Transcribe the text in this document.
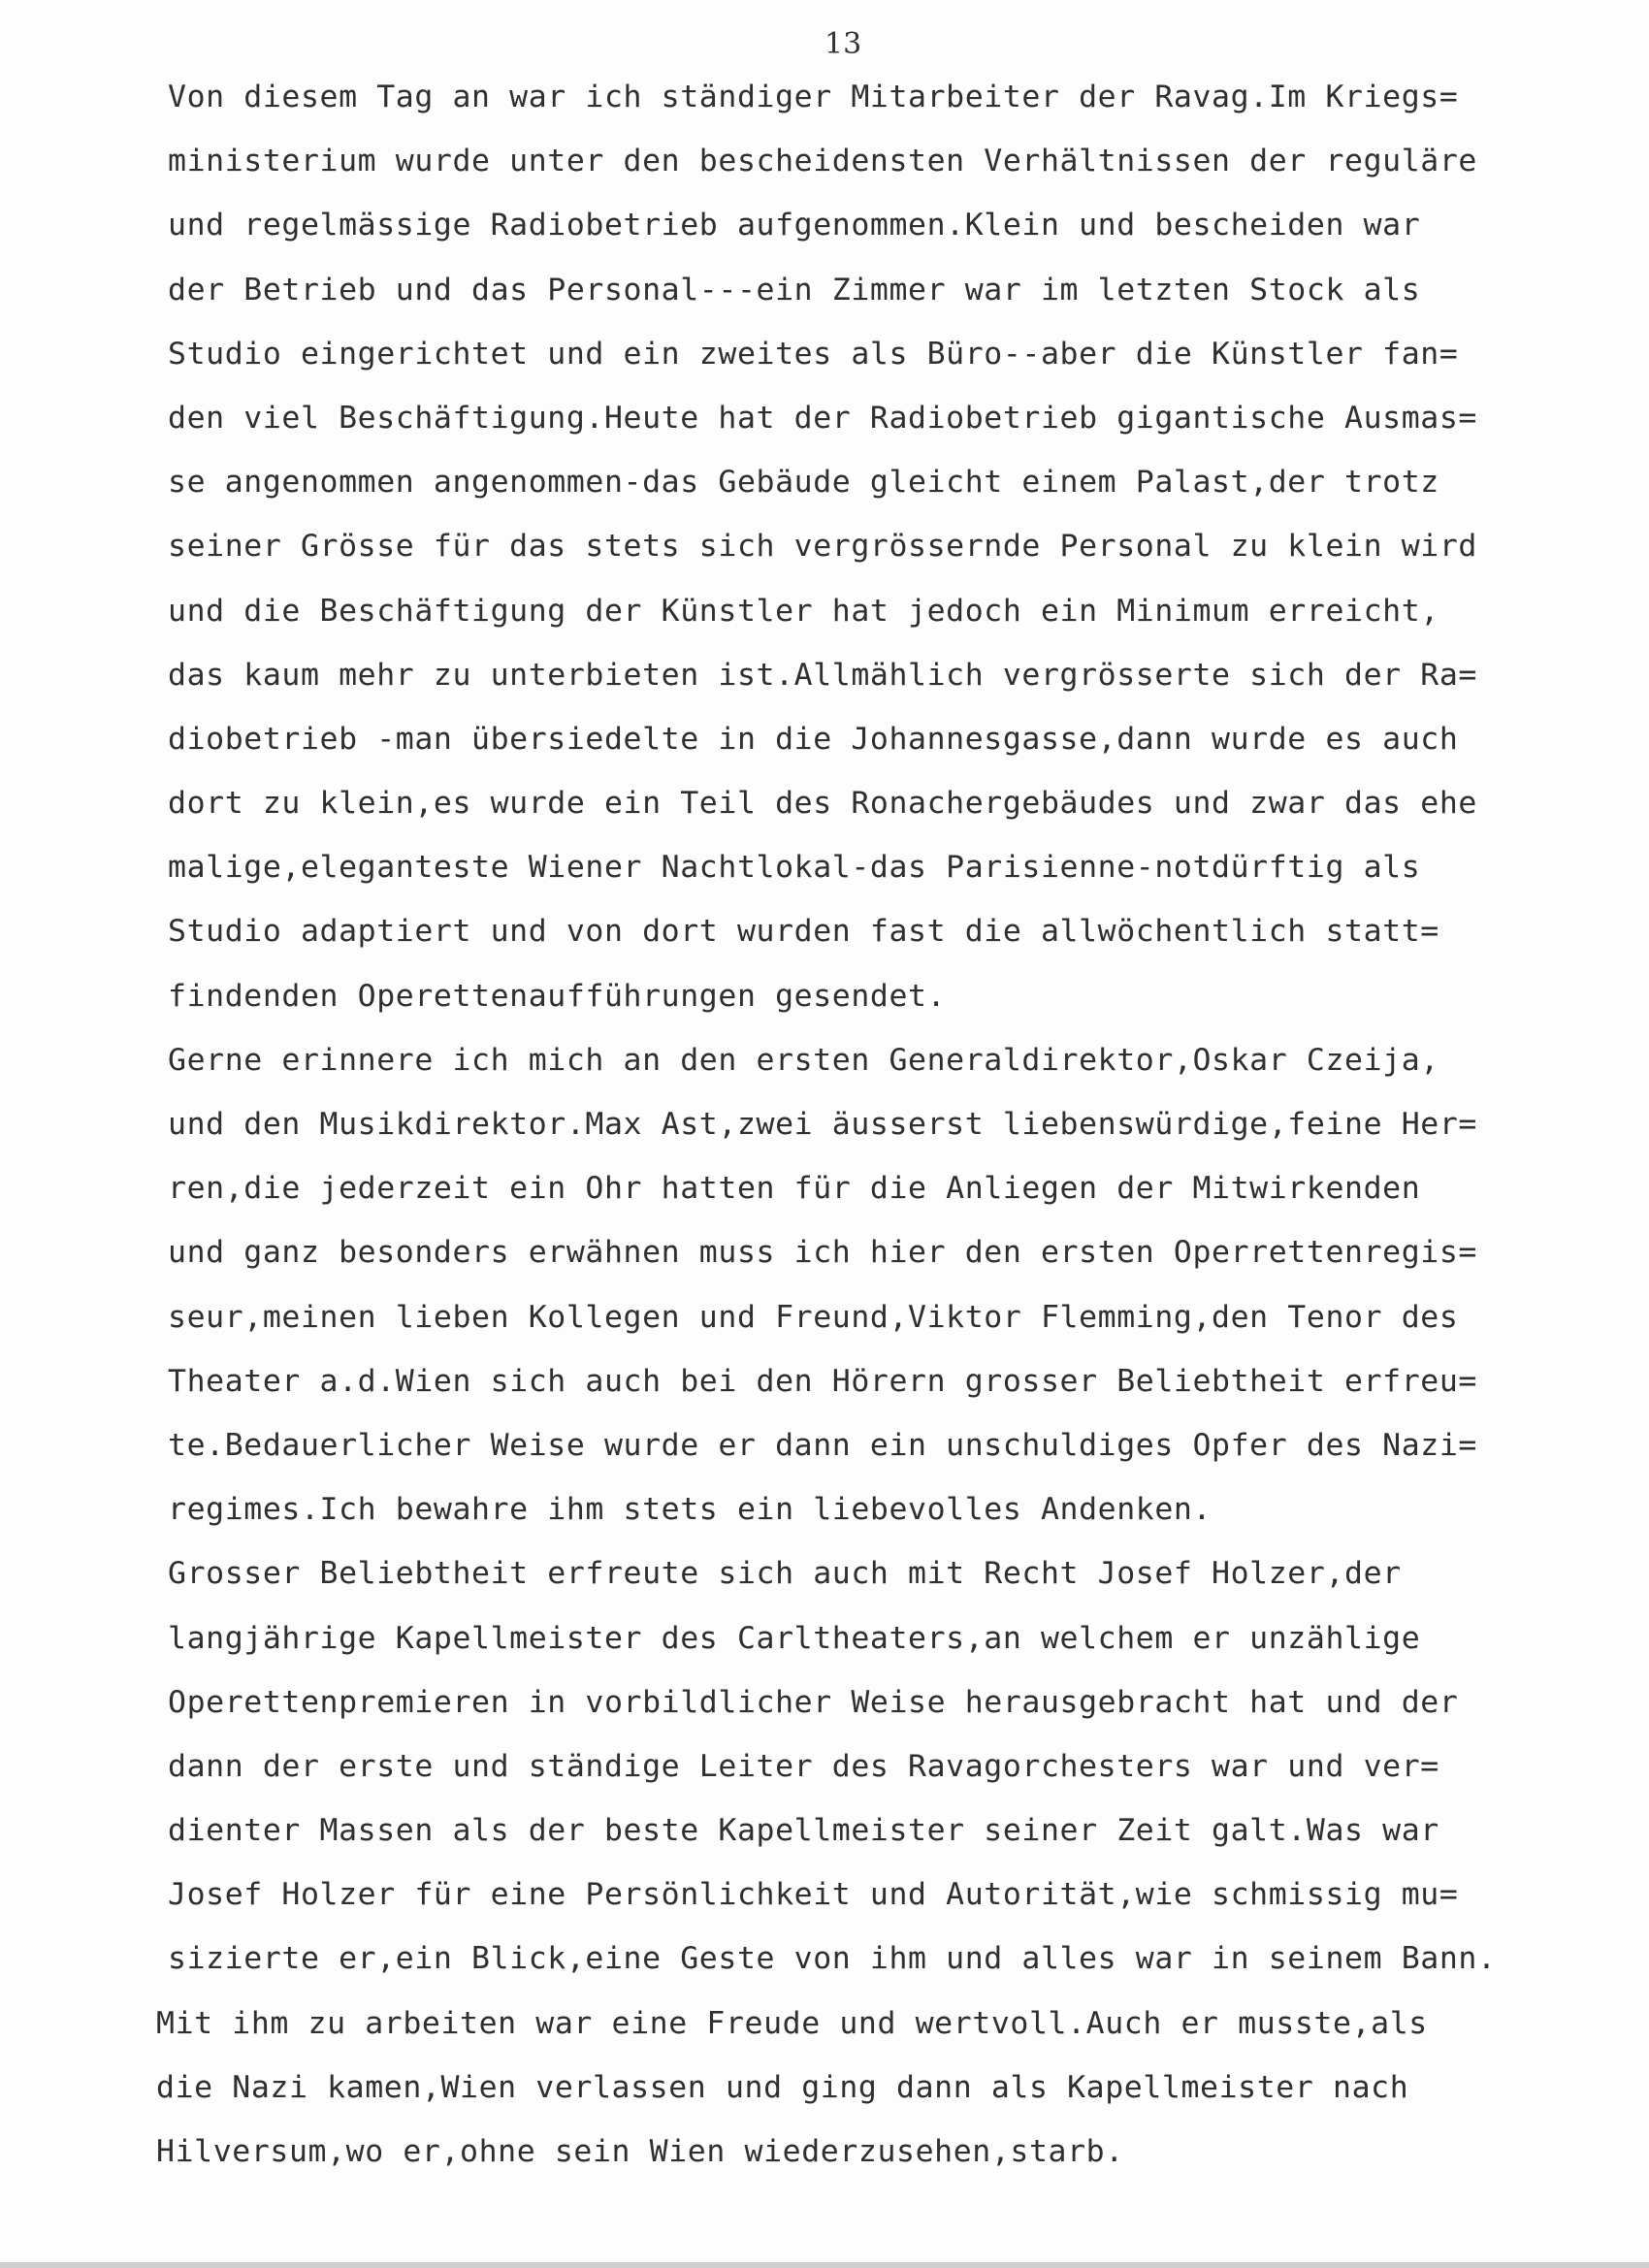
13
Von diesem Tag an war ich ständiger Mitarbeiter der Ravag.Im Kriegs=
ministerium wurde unter den bescheidensten Verhältnissen der reguläre
und regelmässige Radiobetrieb aufgenommen.Klein und bescheiden war
der Betrieb und das Personal---ein Zimmer war im letzten Stock als
Studio eingerichtet und ein zweites als Büro--aber die Künstler fan=
den viel Beschäftigung.Heute hat der Radiobetrieb gigantische Ausmas=
se angenommen angenommen-das Gebäude gleicht einem Palast,der trotz
seiner Grösse für das stets sich vergrössernde Personal zu klein wird
und die Beschäftigung der Künstler hat jedoch ein Minimum erreicht,
das kaum mehr zu unterbieten ist.Allmählich vergrösserte sich der Ra=
diobetrieb -man übersiedelte in die Johannesgasse,dann wurde es auch
dort zu klein,es wurde ein Teil des Ronachergebäudes und zwar das ehe
malige,eleganteste Wiener Nachtlokal-das Parisienne-notdürftig als
Studio adaptiert und von dort wurden fast die allwöchentlich statt=
findenden Operettenaufführungen gesendet.
Gerne erinnere ich mich an den ersten Generaldirektor,Oskar Czeija,
und den Musikdirektor.Max Ast,zwei äusserst liebenswürdige,feine Her=
ren,die jederzeit ein Ohr hatten für die Anliegen der Mitwirkenden
und ganz besonders erwähnen muss ich hier den ersten Operrettenregis=
seur,meinen lieben Kollegen und Freund,Viktor Flemming,den Tenor des
Theater a.d.Wien sich auch bei den Hörern grosser Beliebtheit erfreu=
te.Bedauerlicher Weise wurde er dann ein unschuldiges Opfer des Nazi=
regimes.Ich bewahre ihm stets ein liebevolles Andenken.
Grosser Beliebtheit erfreute sich auch mit Recht Josef Holzer,der
langjährige Kapellmeister des Carltheaters,an welchem er unzählige
Operettenpremieren in vorbildlicher Weise herausgebracht hat und der
dann der erste und ständige Leiter des Ravagorchesters war und ver=
dienter Massen als der beste Kapellmeister seiner Zeit galt.Was war
Josef Holzer für eine Persönlichkeit und Autorität,wie schmissig mu=
sizierte er,ein Blick,eine Geste von ihm und alles war in seinem Bann.
Mit ihm zu arbeiten war eine Freude und wertvoll.Auch er musste,als
die Nazi kamen,Wien verlassen und ging dann als Kapellmeister nach
Hilversum,wo er,ohne sein Wien wiederzusehen,starb.
